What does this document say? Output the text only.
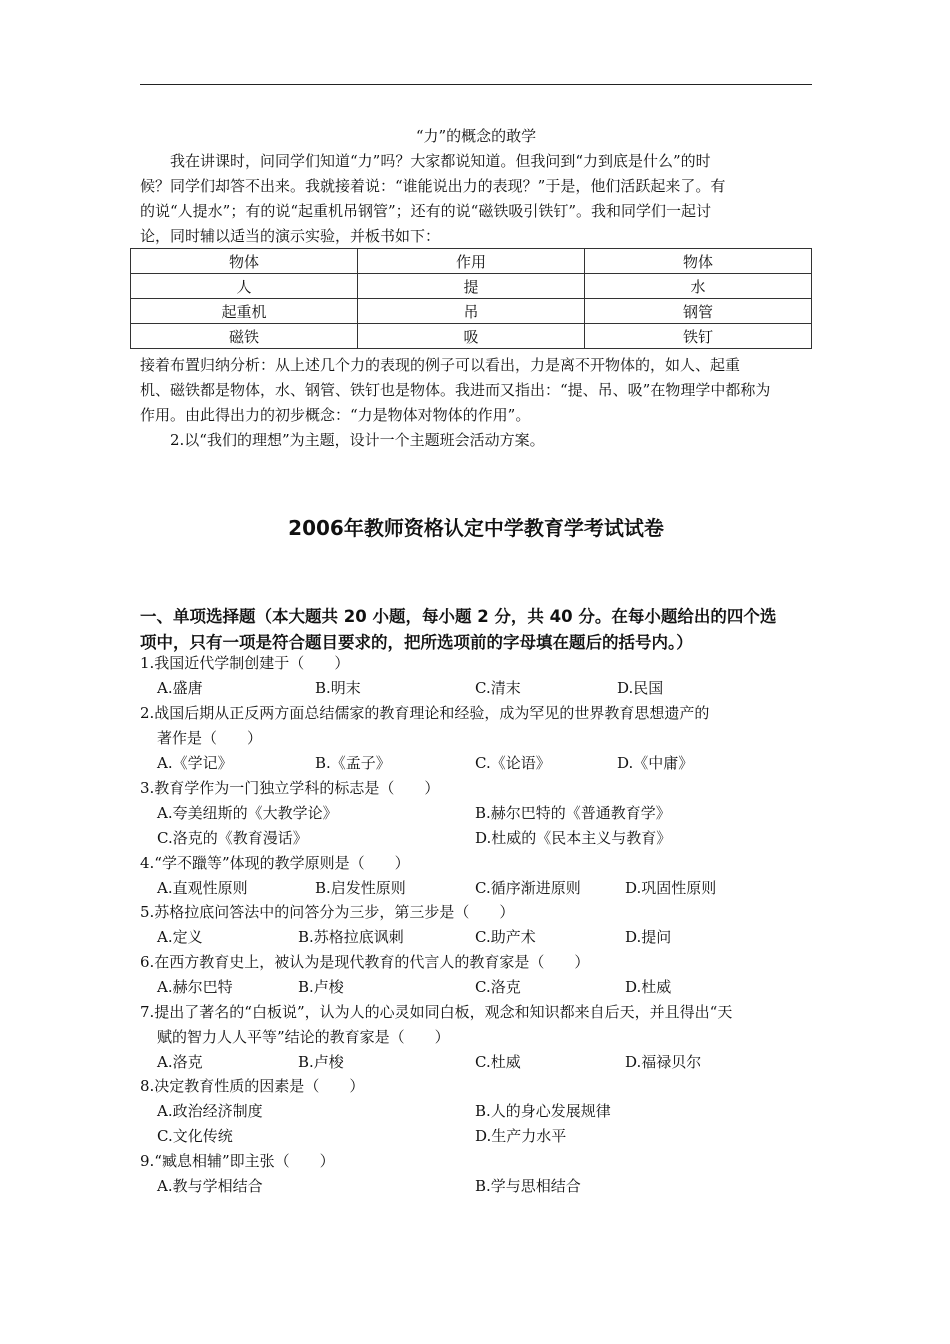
“力”的概念的敢学
我在讲课时，问同学们知道“力”吗？大家都说知道。但我问到“力到底是什么”的时
候？同学们却答不出来。我就接着说：“谁能说出力的表现？”于是，他们活跃起来了。有
的说“人提水”；有的说“起重机吊钢管”；还有的说“磁铁吸引铁钉”。我和同学们一起讨
论，同时辅以适当的演示实验，并板书如下：
物体	作用	物体
人	提	水
起重机	吊	钢管
磁铁	吸	铁钉
接着布置归纳分析：从上述几个力的表现的例子可以看出，力是离不开物体的，如人、起重
机、磁铁都是物体，水、钢管、铁钉也是物体。我进而又指出：“提、吊、吸”在物理学中都称为
作用。由此得出力的初步概念：“力是物体对物体的作用”。
2.以“我们的理想”为主题，设计一个主题班会活动方案。
2006年教师资格认定中学教育学考试试卷
一、单项选择题（本大题共 20 小题，每小题 2 分，共 40 分。在每小题给出的四个选
项中，只有一项是符合题目要求的，把所选项前的字母填在题后的括号内。）
1.我国近代学制创建于（　　）
A.盛唐	B.明末	C.清末	D.民国
2.战国后期从正反两方面总结儒家的教育理论和经验，成为罕见的世界教育思想遗产的
著作是（　　）
A.《学记》	B.《孟子》	C.《论语》	D.《中庸》
3.教育学作为一门独立学科的标志是（　　）
A.夸美纽斯的《大教学论》	B.赫尔巴特的《普通教育学》
C.洛克的《教育漫话》	D.杜威的《民本主义与教育》
4.“学不躐等”体现的教学原则是（　　）
A.直观性原则	B.启发性原则	C.循序渐进原则	D.巩固性原则
5.苏格拉底问答法中的问答分为三步，第三步是（　　）
A.定义	B.苏格拉底讽刺	C.助产术	D.提问
6.在西方教育史上，被认为是现代教育的代言人的教育家是（　　）
A.赫尔巴特	B.卢梭	C.洛克	D.杜威
7.提出了著名的“白板说”，认为人的心灵如同白板，观念和知识都来自后天，并且得出“天
赋的智力人人平等”结论的教育家是（　　）
A.洛克	B.卢梭	C.杜威	D.福禄贝尔
8.决定教育性质的因素是（　　）
A.政治经济制度	B.人的身心发展规律
C.文化传统	D.生产力水平
9.“臧息相辅”即主张（　　）
A.教与学相结合	B.学与思相结合
